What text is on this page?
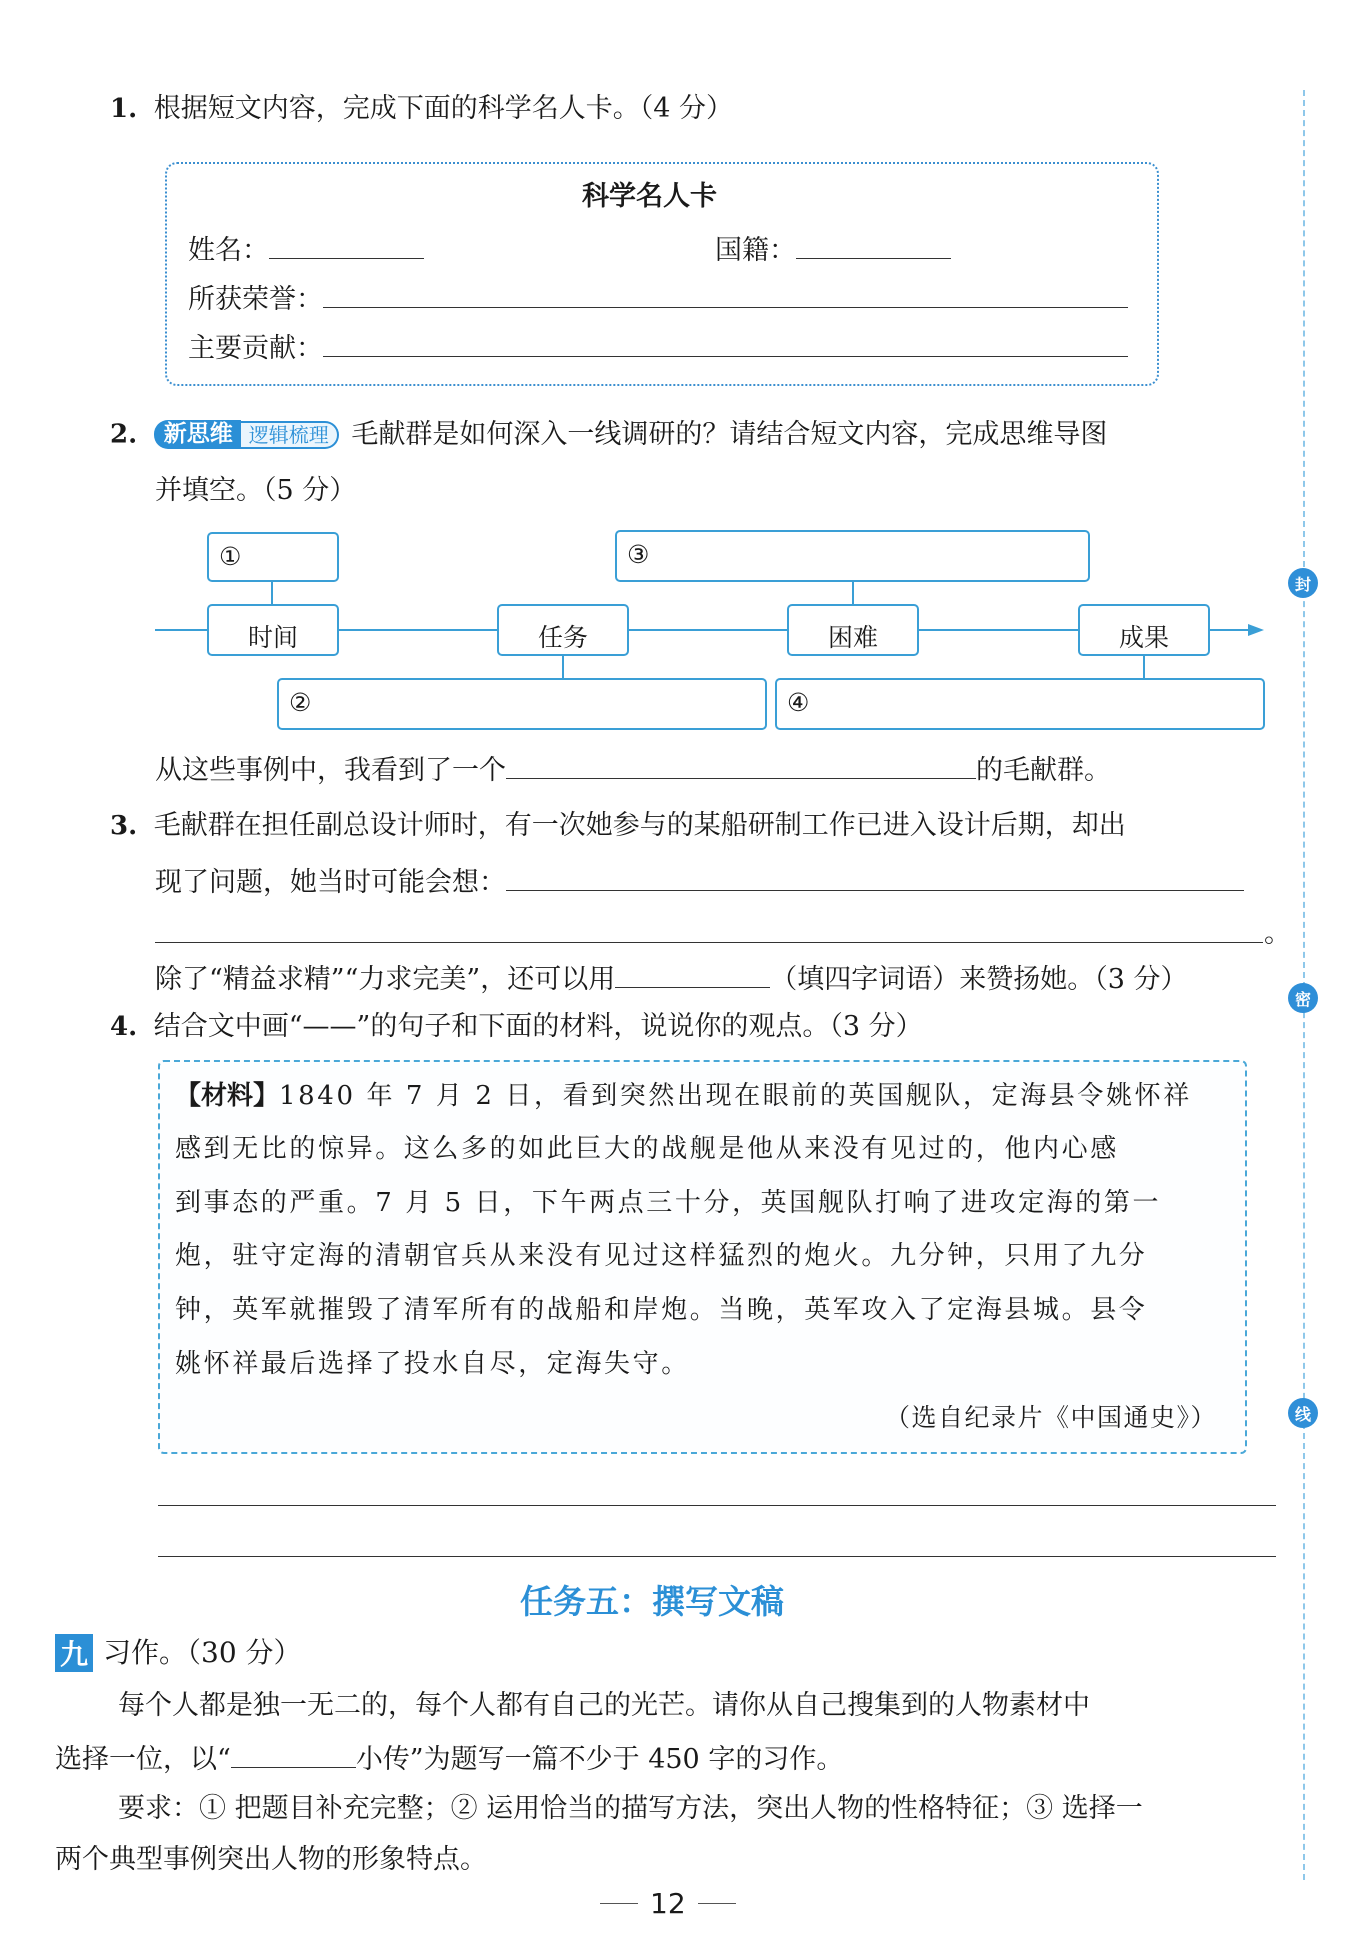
封
密
线
1. 根据短文内容，完成下面的科学名人卡。（4 分）
科学名人卡
姓名：	国籍：
所获荣誉：
主要贡献：
2. 新思维 逻辑梳理 毛献群是如何深入一线调研的？请结合短文内容，完成思维导图
并填空。（5 分）
①	③
时间	任务	困难	成果
②	④
从这些事例中，我看到了一个	的毛献群。
3. 毛献群在担任副总设计师时，有一次她参与的某船研制工作已进入设计后期，却出
现了问题，她当时可能会想：
。
除了“精益求精”“力求完美”，还可以用	（填四字词语）来赞扬她。（3 分）
4. 结合文中画“——”的句子和下面的材料，说说你的观点。（3 分）
【材料】1840 年 7 月 2 日，看到突然出现在眼前的英国舰队，定海县令姚怀祥
感到无比的惊异。这么多的如此巨大的战舰是他从来没有见过的，他内心感
到事态的严重。7 月 5 日，下午两点三十分，英国舰队打响了进攻定海的第一
炮，驻守定海的清朝官兵从来没有见过这样猛烈的炮火。九分钟，只用了九分
钟，英军就摧毁了清军所有的战船和岸炮。当晚，英军攻入了定海县城。县令
姚怀祥最后选择了投水自尽，定海失守。
（选自纪录片《中国通史》）
任务五：撰写文稿
九 习作。（30 分）
每个人都是独一无二的，每个人都有自己的光芒。请你从自己搜集到的人物素材中
选择一位，以“	小传”为题写一篇不少于 450 字的习作。
要求：① 把题目补充完整；② 运用恰当的描写方法，突出人物的性格特征；③ 选择一
两个典型事例突出人物的形象特点。
12
